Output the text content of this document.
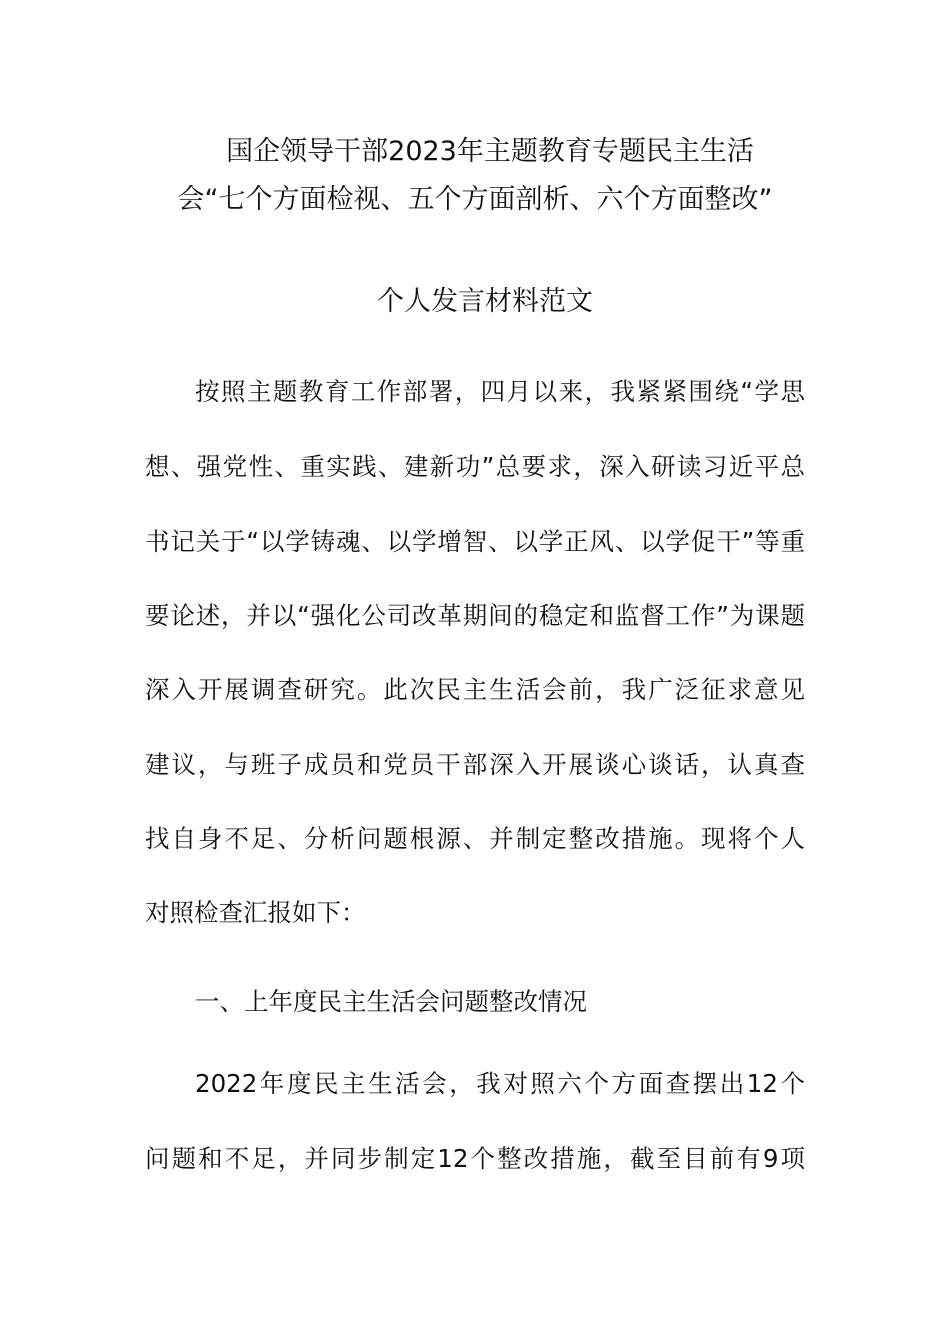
国企领导干部2023年主题教育专题民主生活
会“七个方面检视、五个方面剖析、六个方面整改”
个人发言材料范文
按照主题教育工作部署，四月以来，我紧紧围绕“学思
想、强党性、重实践、建新功”总要求，深入研读习近平总
书记关于“以学铸魂、以学增智、以学正风、以学促干”等重
要论述，并以“强化公司改革期间的稳定和监督工作”为课题
深入开展调查研究。此次民主生活会前，我广泛征求意见
建议，与班子成员和党员干部深入开展谈心谈话，认真查
找自身不足、分析问题根源、并制定整改措施。现将个人
对照检查汇报如下：
一、上年度民主生活会问题整改情况
2022年度民主生活会，我对照六个方面查摆出12个
问题和不足，并同步制定12个整改措施，截至目前有9项
